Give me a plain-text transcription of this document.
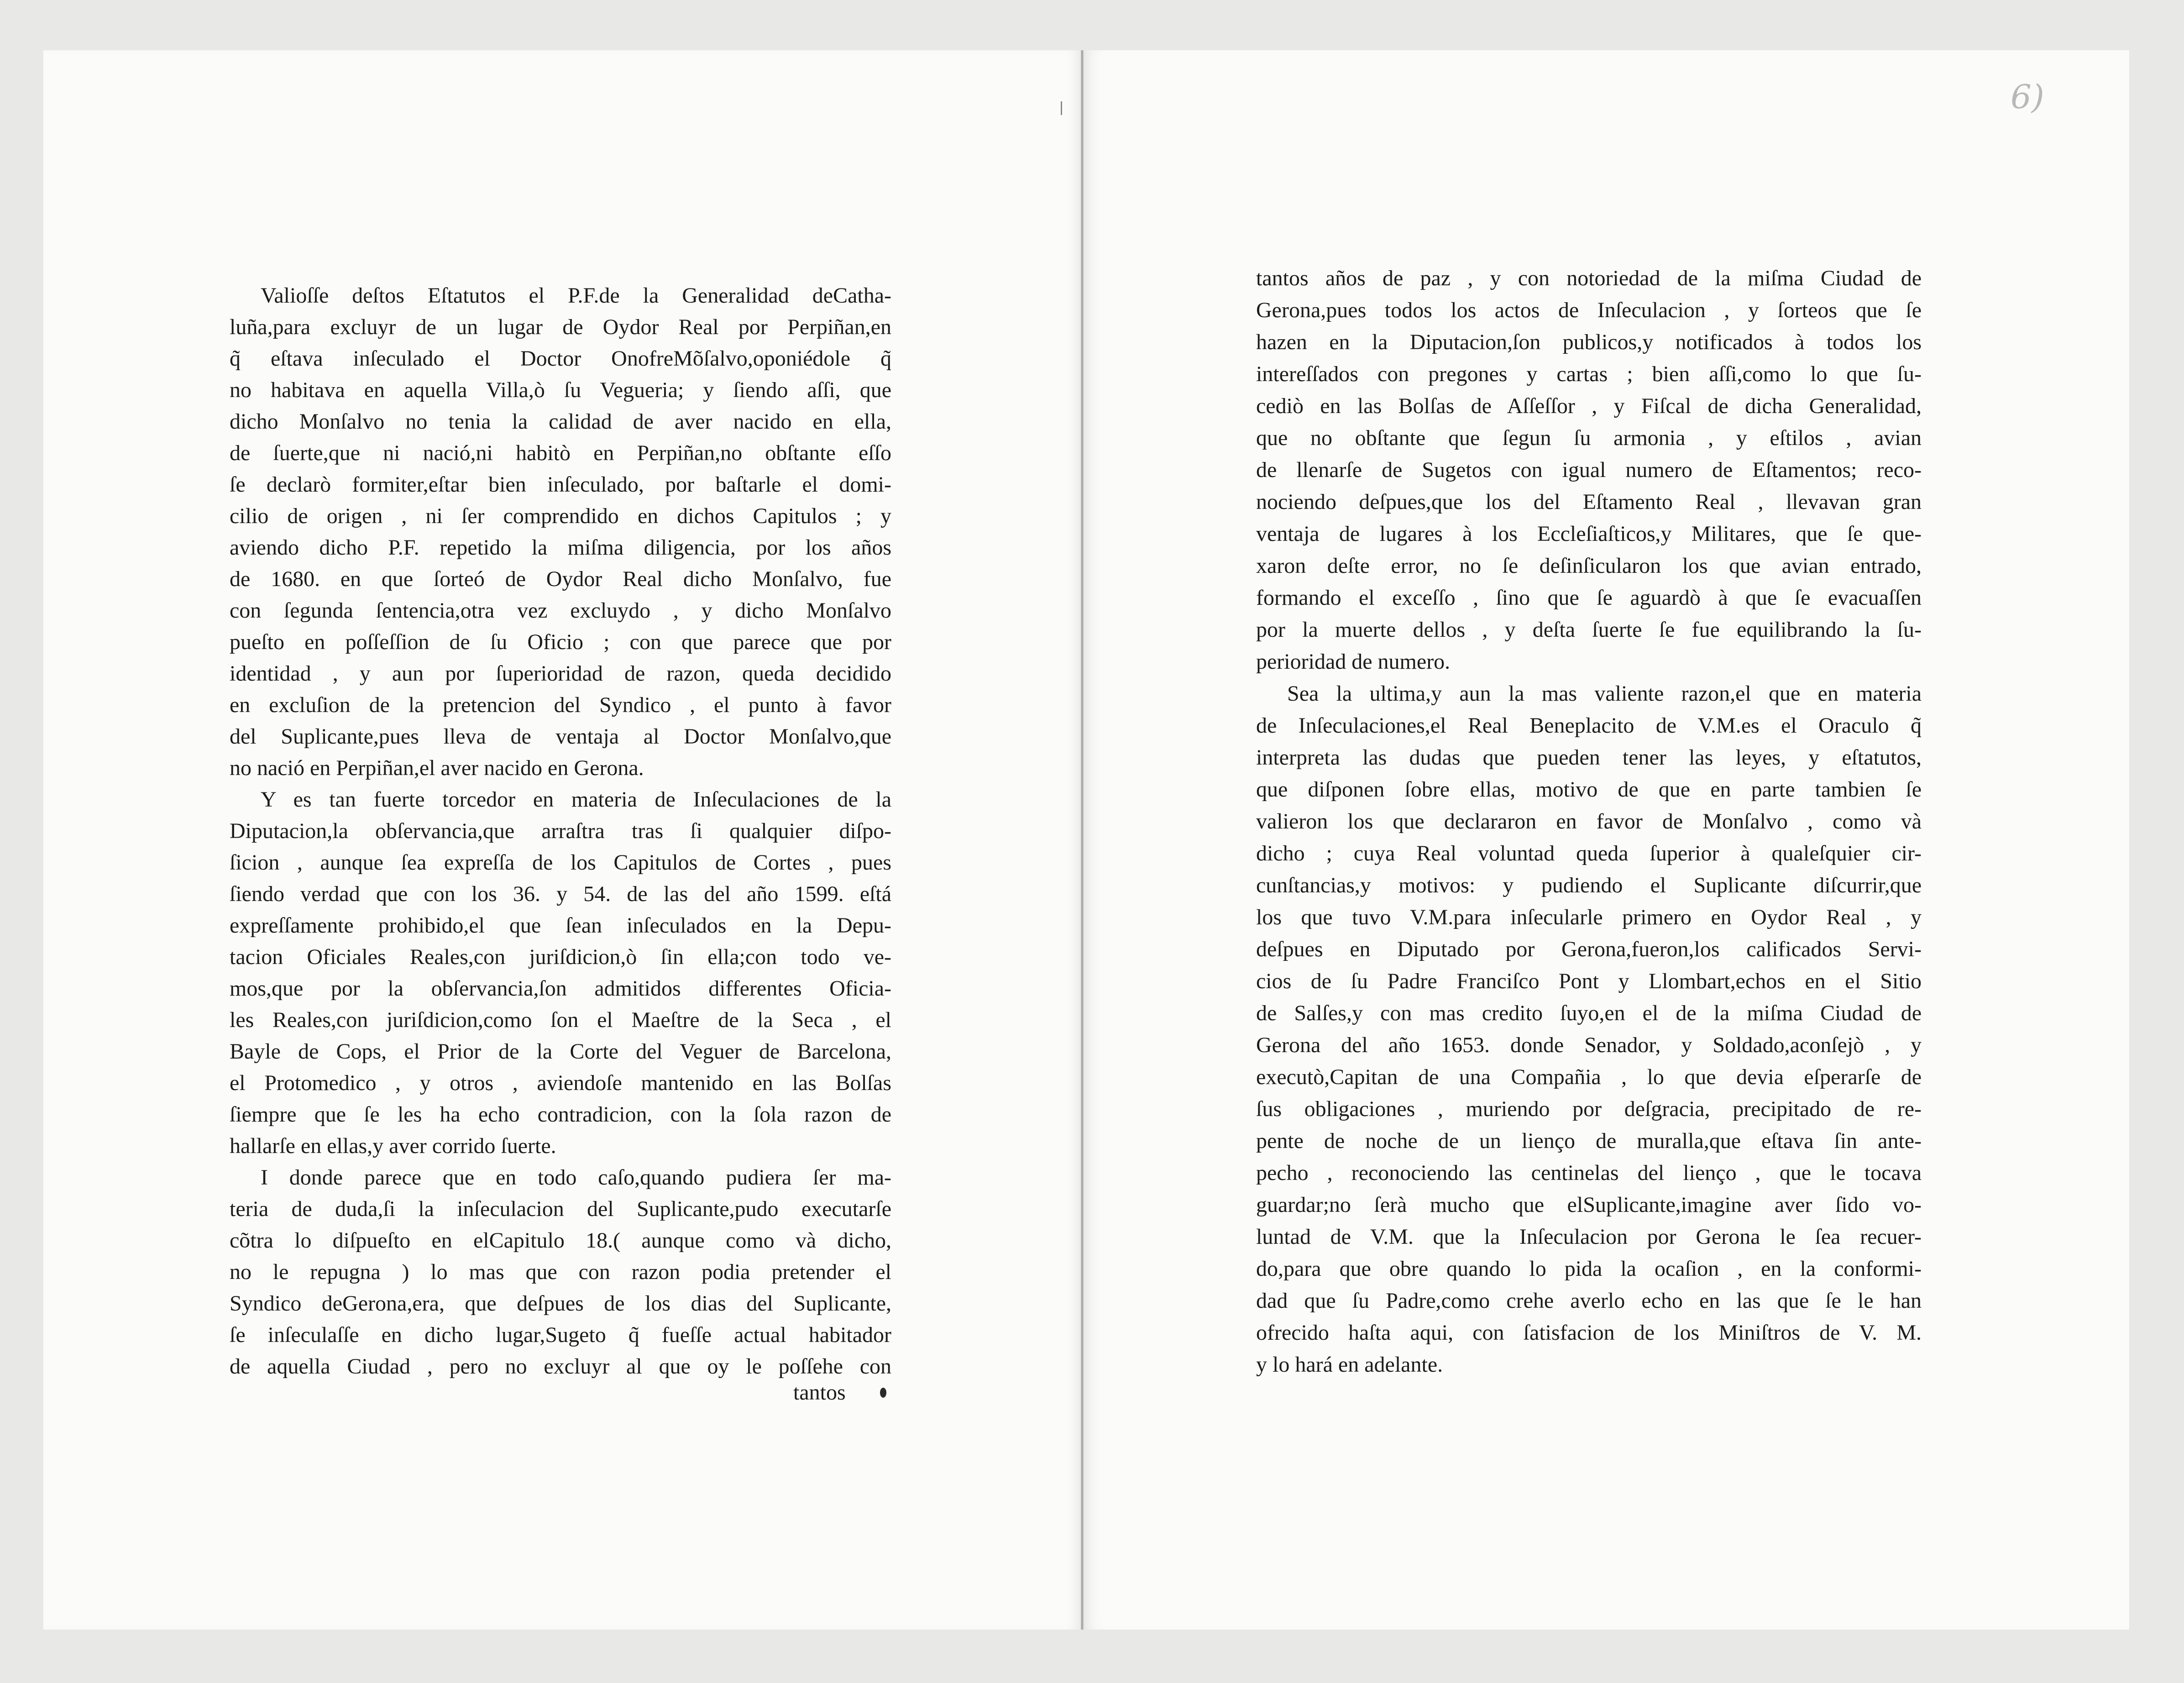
6)
Valioſſe deſtos Eſtatutos el P.F.de la Generalidad deCatha-
luña,para excluyr de un lugar de Oydor Real por Perpiñan,en
q̃ eſtava inſeculado el Doctor OnofreMõſalvo,oponiédole q̃
no habitava en aquella Villa,ò ſu Vegueria; y ſiendo aſſi, que
dicho Monſalvo no tenia la calidad de aver nacido en ella,
de ſuerte,que ni nació,ni habitò en Perpiñan,no obſtante eſſo
ſe declarò formiter,eſtar bien inſeculado, por baſtarle el domi-
cilio de origen , ni ſer comprendido en dichos Capitulos ; y
aviendo dicho P.F. repetido la miſma diligencia, por los años
de 1680. en que ſorteó de Oydor Real dicho Monſalvo, fue
con ſegunda ſentencia,otra vez excluydo , y dicho Monſalvo
pueſto en poſſeſſion de ſu Oficio ; con que parece que por
identidad , y aun por ſuperioridad de razon, queda decidido
en excluſion de la pretencion del Syndico , el punto à favor
del Suplicante,pues lleva de ventaja al Doctor Monſalvo,que
no nació en Perpiñan,el aver nacido en Gerona.
Y es tan fuerte torcedor en materia de Inſeculaciones de la
Diputacion,la obſervancia,que arraſtra tras ſi qualquier diſpo-
ſicion , aunque ſea expreſſa de los Capitulos de Cortes , pues
ſiendo verdad que con los 36. y 54. de las del año 1599. eſtá
expreſſamente prohibido,el que ſean inſeculados en la Depu-
tacion Oficiales Reales,con juriſdicion,ò ſin ella;con todo ve-
mos,que por la obſervancia,ſon admitidos differentes Oficia-
les Reales,con juriſdicion,como ſon el Maeſtre de la Seca , el
Bayle de Cops, el Prior de la Corte del Veguer de Barcelona,
el Protomedico , y otros , aviendoſe mantenido en las Bolſas
ſiempre que ſe les ha echo contradicion, con la ſola razon de
hallarſe en ellas,y aver corrido ſuerte.
I donde parece que en todo caſo,quando pudiera ſer ma-
teria de duda,ſi la inſeculacion del Suplicante,pudo executarſe
cõtra lo diſpueſto en elCapitulo 18.( aunque como và dicho,
no le repugna ) lo mas que con razon podia pretender el
Syndico deGerona,era, que deſpues de los dias del Suplicante,
ſe inſeculaſſe en dicho lugar,Sugeto q̃ fueſſe actual habitador
de aquella Ciudad , pero no excluyr al que oy le poſſehe con
tantos
tantos años de paz , y con notoriedad de la miſma Ciudad de
Gerona,pues todos los actos de Inſeculacion , y ſorteos que ſe
hazen en la Diputacion,ſon publicos,y notificados à todos los
intereſſados con pregones y cartas ; bien aſſi,como lo que ſu-
cediò en las Bolſas de Aſſeſſor , y Fiſcal de dicha Generalidad,
que no obſtante que ſegun ſu armonia , y eſtilos , avian
de llenarſe de Sugetos con igual numero de Eſtamentos; reco-
nociendo deſpues,que los del Eſtamento Real , llevavan gran
ventaja de lugares à los Eccleſiaſticos,y Militares, que ſe que-
xaron deſte error, no ſe deſinſicularon los que avian entrado,
formando el exceſſo , ſino que ſe aguardò à que ſe evacuaſſen
por la muerte dellos , y deſta ſuerte ſe fue equilibrando la ſu-
perioridad de numero.
Sea la ultima,y aun la mas valiente razon,el que en materia
de Inſeculaciones,el Real Beneplacito de V.M.es el Oraculo q̃
interpreta las dudas que pueden tener las leyes, y eſtatutos,
que diſponen ſobre ellas, motivo de que en parte tambien ſe
valieron los que declararon en favor de Monſalvo , como và
dicho ; cuya Real voluntad queda ſuperior à qualeſquier cir-
cunſtancias,y motivos: y pudiendo el Suplicante diſcurrir,que
los que tuvo V.M.para inſecularle primero en Oydor Real , y
deſpues en Diputado por Gerona,fueron,los calificados Servi-
cios de ſu Padre Franciſco Pont y Llombart,echos en el Sitio
de Salſes,y con mas credito ſuyo,en el de la miſma Ciudad de
Gerona del año 1653. donde Senador, y Soldado,aconſejò , y
executò,Capitan de una Compañia , lo que devia eſperarſe de
ſus obligaciones , muriendo por deſgracia, precipitado de re-
pente de noche de un lienço de muralla,que eſtava ſin ante-
pecho , reconociendo las centinelas del lienço , que le tocava
guardar;no ſerà mucho que elSuplicante,imagine aver ſido vo-
luntad de V.M. que la Inſeculacion por Gerona le ſea recuer-
do,para que obre quando lo pida la ocaſion , en la conformi-
dad que ſu Padre,como crehe averlo echo en las que ſe le han
ofrecido haſta aqui, con ſatisfacion de los Miniſtros de V. M.
y lo hará en adelante.
